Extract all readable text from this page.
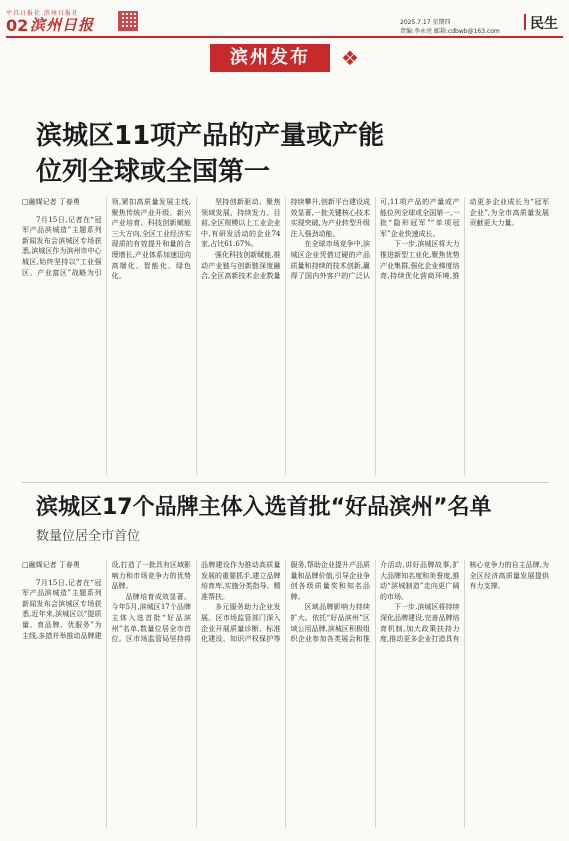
平昌日报社 滨州日报社
02 滨州日报	2025.7.17 星期四
责编:李永亮 邮箱:cdbwb@163.com 民生
滨州发布	❖
滨城区11项产品的产量或产能
位列全球或全国第一

□融媒记者 丁春勇

7月15日,记者在“冠军产品滨城造”主题系列新闻发布会滨城区专场获悉,滨城区作为滨州市中心城区,始终坚持以“工业强区、产业富区”战略为引领,紧扣高质量发展主线,聚焦传统产业升级、新兴产业培育、科技创新赋能三大方向,全区工业经济实现质的有效提升和量的合理增长,产业体系加速迈向高端化、智能化、绿色化。

坚持创新驱动、聚焦领域发展、持续发力。目前,全区规模以上工业企业中,有研发活动的企业74家,占比61.67%。

强化科技创新赋能,推动产业链与创新链深度融合,全区高新技术企业数量持续攀升,创新平台建设成效显著,一批关键核心技术实现突破,为产业转型升级注入强劲动能。

在全球市场竞争中,滨城区企业凭借过硬的产品质量和持续的技术创新,赢得了国内外客户的广泛认可,11项产品的产量或产能位列全球或全国第一,一批“隐形冠军”“单项冠军”企业快速成长。

下一步,滨城区将大力推进新型工业化,聚焦优势产业集群,强化企业梯度培育,持续优化营商环境,推动更多企业成长为“冠军企业”,为全市高质量发展贡献更大力量。

滨城区17个品牌主体入选首批“好品滨州”名单
数量位居全市首位

□融媒记者 丁春勇

7月15日,记者在“冠军产品滨城造”主题系列新闻发布会滨城区专场获悉,近年来,滨城区以“提质量、育品牌、优服务”为主线,多措并举推动品牌建设,打造了一批具有区域影响力和市场竞争力的优势品牌。

品牌培育成效显著。今年5月,滨城区17个品牌主体入选首批“好品滨州”名单,数量位居全市首位。区市场监管局坚持将品牌建设作为推动高质量发展的重要抓手,建立品牌培育库,实施分类指导、精准帮扶。

多元服务助力企业发展。区市场监管部门深入企业开展质量诊断、标准化建设、知识产权保护等服务,帮助企业提升产品质量和品牌价值,引导企业争创各级质量奖和知名品牌。

区域品牌影响力持续扩大。依托“好品滨州”区域公用品牌,滨城区积极组织企业参加各类展会和推介活动,讲好品牌故事,扩大品牌知名度和美誉度,推动“滨城制造”走向更广阔的市场。

下一步,滨城区将持续深化品牌建设,完善品牌培育机制,加大政策扶持力度,推动更多企业打造具有核心竞争力的自主品牌,为全区经济高质量发展提供有力支撑。
